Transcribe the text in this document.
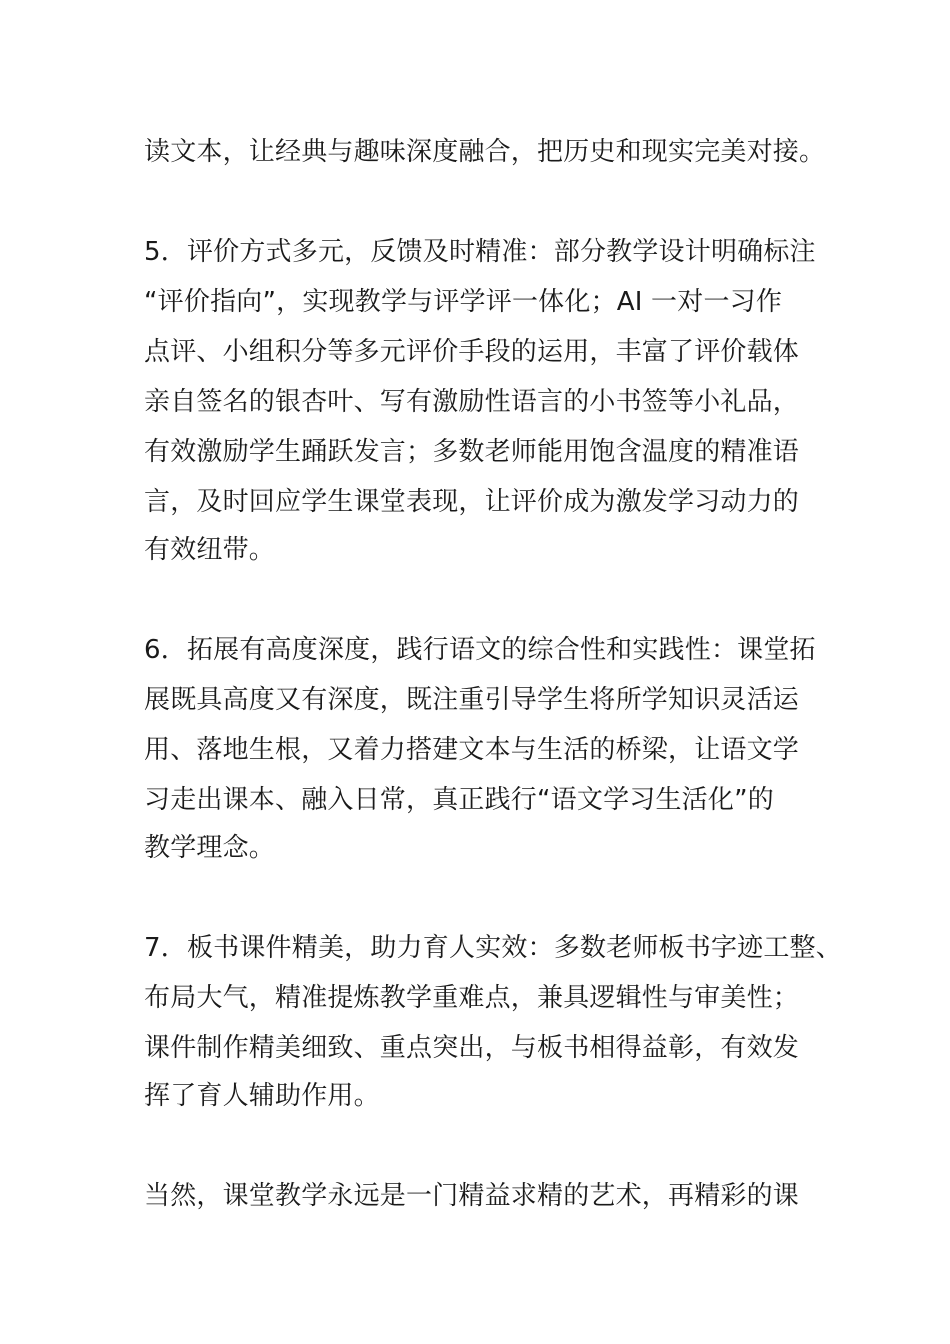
读文本，让经典与趣味深度融合，把历史和现实完美对接。
5．评价方式多元，反馈及时精准：部分教学设计明确标注
“评价指向”，实现教学与评学评一体化；AI 一对一习作
点评、小组积分等多元评价手段的运用，丰富了评价载体
亲自签名的银杏叶、写有激励性语言的小书签等小礼品，
有效激励学生踊跃发言；多数老师能用饱含温度的精准语
言，及时回应学生课堂表现，让评价成为激发学习动力的
有效纽带。
6．拓展有高度深度，践行语文的综合性和实践性：课堂拓
展既具高度又有深度，既注重引导学生将所学知识灵活运
用、落地生根，又着力搭建文本与生活的桥梁，让语文学
习走出课本、融入日常，真正践行“语文学习生活化”的
教学理念。
7．板书课件精美，助力育人实效：多数老师板书字迹工整、
布局大气，精准提炼教学重难点，兼具逻辑性与审美性；
课件制作精美细致、重点突出，与板书相得益彰，有效发
挥了育人辅助作用。
当然，课堂教学永远是一门精益求精的艺术，再精彩的课
